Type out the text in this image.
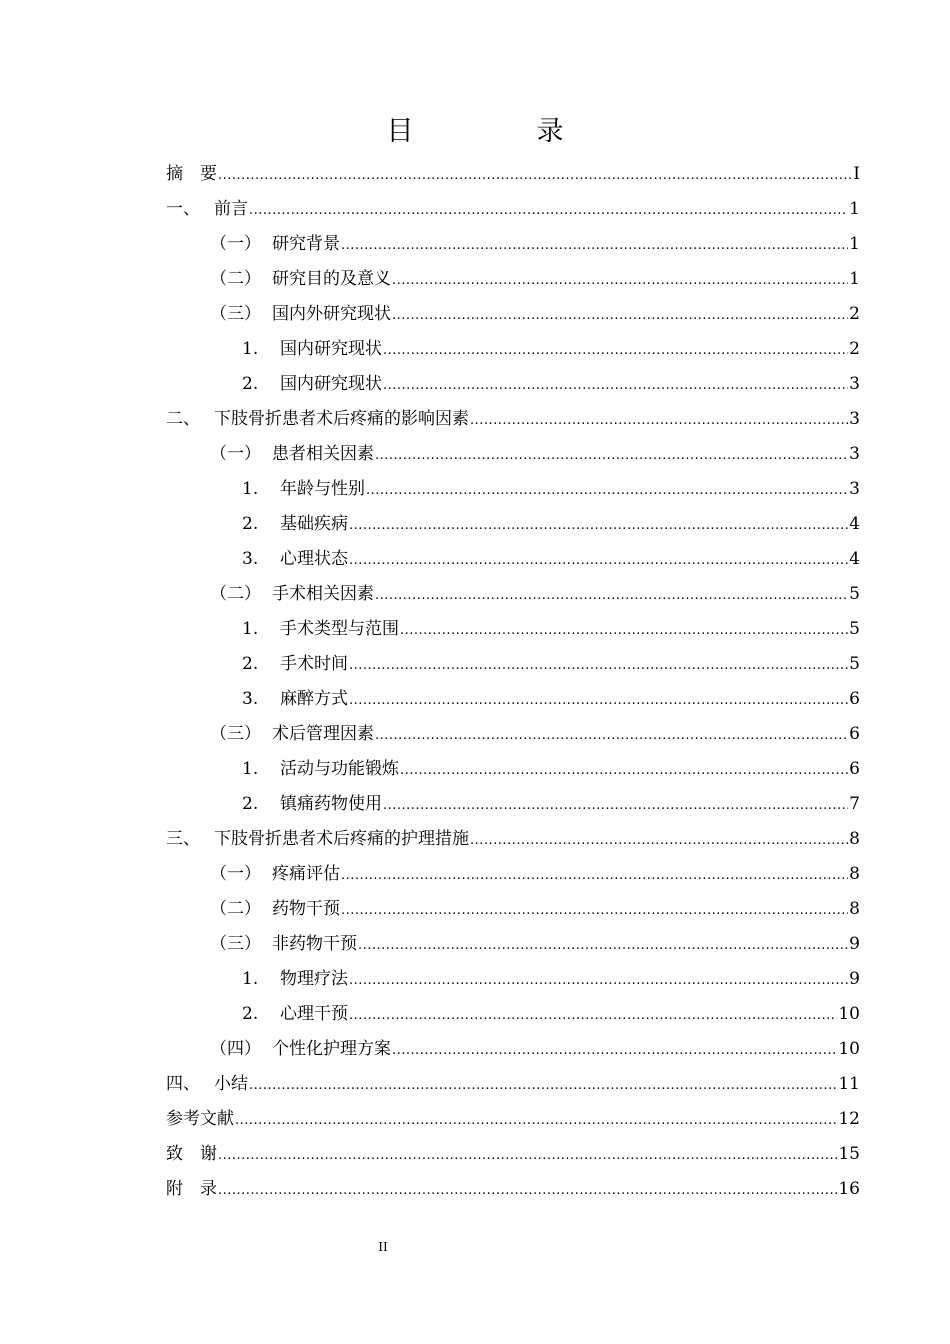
目　录
摘　要 .....	I
一、 前言 .....	1
（一） 研究背景 .....	1
（二） 研究目的及意义 .....	1
（三） 国内外研究现状 .....	2
1.	国内研究现状 .....	2
2.	国内研究现状 .....	3
二、 下肢骨折患者术后疼痛的影响因素 .....	3
（一） 患者相关因素 .....	3
1.	年龄与性别 .....	3
2.	基础疾病 .....	4
3.	心理状态 .....	4
（二） 手术相关因素 .....	5
1.	手术类型与范围 .....	5
2.	手术时间 .....	5
3.	麻醉方式 .....	6
（三） 术后管理因素 .....	6
1.	活动与功能锻炼 .....	6
2.	镇痛药物使用 .....	7
三、 下肢骨折患者术后疼痛的护理措施 .....	8
（一） 疼痛评估 .....	8
（二） 药物干预 .....	8
（三） 非药物干预 .....	9
1.	物理疗法 .....	9
2.	心理干预 .....	10
（四） 个性化护理方案 .....	10
四、 小结 .....	11
参考文献 .....	12
致　谢 .....	15
附　录 .....	16
II
